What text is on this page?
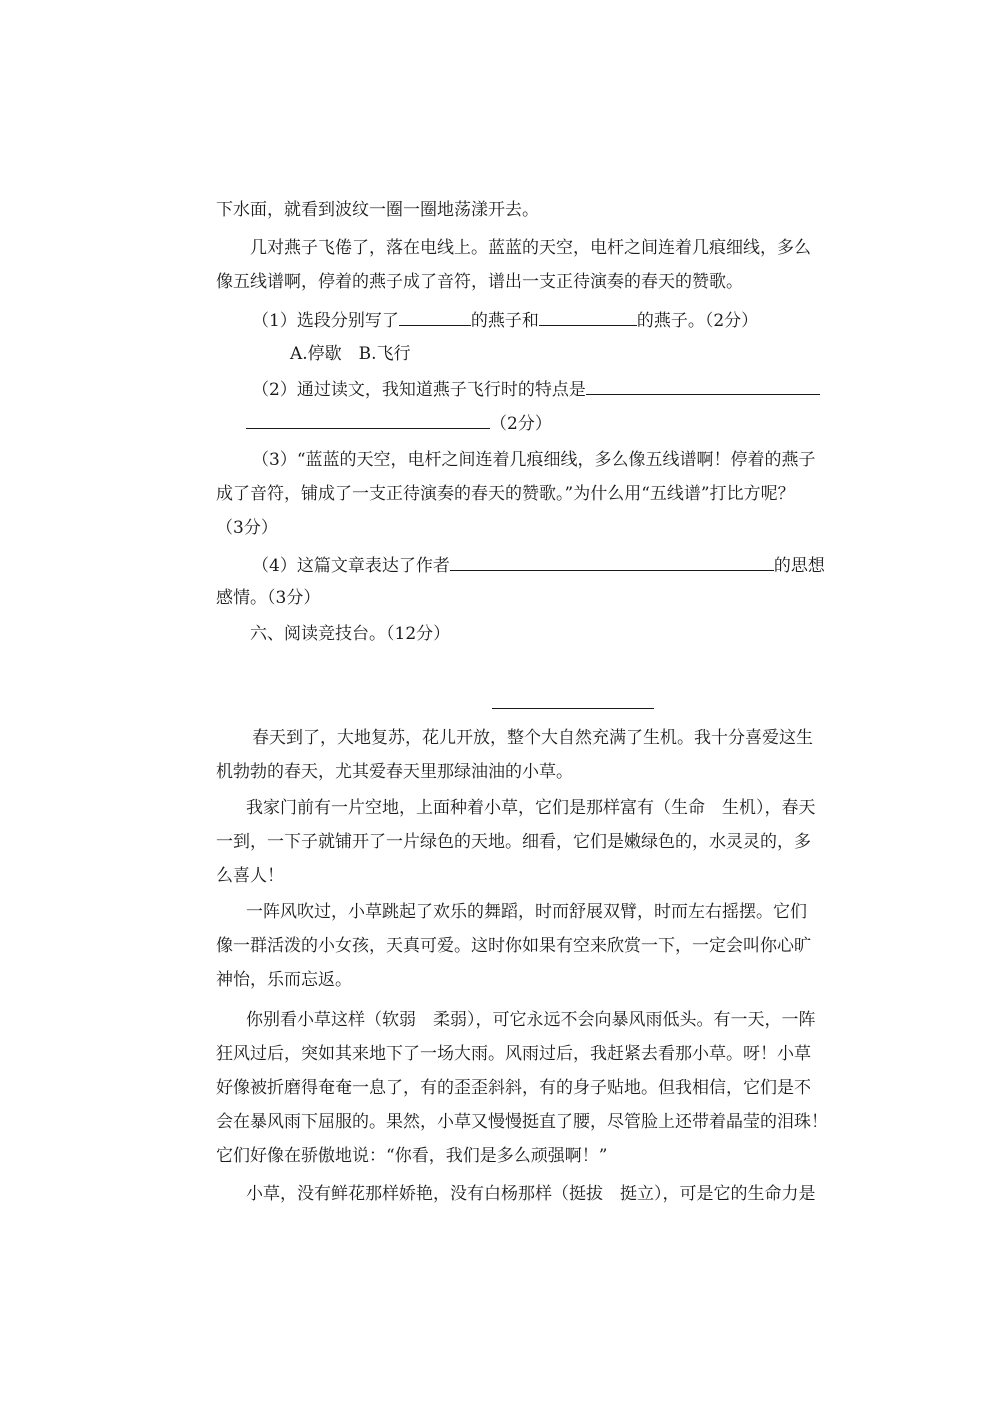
下水面，就看到波纹一圈一圈地荡漾开去。
几对燕子飞倦了，落在电线上。蓝蓝的天空，电杆之间连着几痕细线，多么
像五线谱啊，停着的燕子成了音符，谱出一支正待演奏的春天的赞歌。
（1）选段分别写了	的燕子和	的燕子。（2分）
A.停歇　B.飞行
（2）通过读文，我知道燕子飞行时的特点是
（2分）
（3）“蓝蓝的天空，电杆之间连着几痕细线，多么像五线谱啊！停着的燕子
成了音符，铺成了一支正待演奏的春天的赞歌。”为什么用“五线谱”打比方呢？
（3分）
（4）这篇文章表达了作者	的思想
感情。（3分）
六、阅读竞技台。（12分）
春天到了，大地复苏，花儿开放，整个大自然充满了生机。我十分喜爱这生
机勃勃的春天，尤其爱春天里那绿油油的小草。
我家门前有一片空地，上面种着小草，它们是那样富有（生命　生机），春天
一到，一下子就铺开了一片绿色的天地。细看，它们是嫩绿色的，水灵灵的，多
么喜人！
一阵风吹过，小草跳起了欢乐的舞蹈，时而舒展双臂，时而左右摇摆。它们
像一群活泼的小女孩，天真可爱。这时你如果有空来欣赏一下，一定会叫你心旷
神怡，乐而忘返。
你别看小草这样（软弱　柔弱），可它永远不会向暴风雨低头。有一天，一阵
狂风过后，突如其来地下了一场大雨。风雨过后，我赶紧去看那小草。呀！小草
好像被折磨得奄奄一息了，有的歪歪斜斜，有的身子贴地。但我相信，它们是不
会在暴风雨下屈服的。果然，小草又慢慢挺直了腰，尽管脸上还带着晶莹的泪珠！
它们好像在骄傲地说：“你看，我们是多么顽强啊！”
小草，没有鲜花那样娇艳，没有白杨那样（挺拔　挺立），可是它的生命力是
